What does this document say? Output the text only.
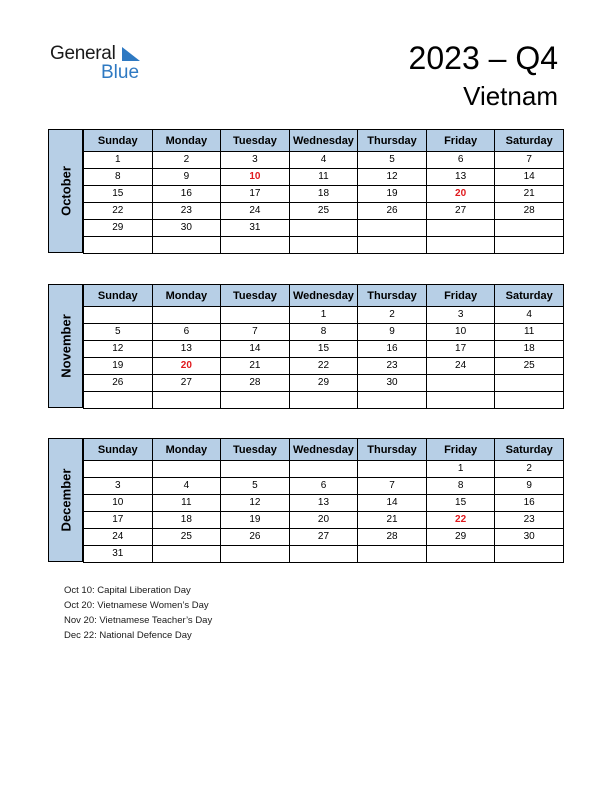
General
Blue	2023 – Q4
Vietnam
October
Sunday	Monday	Tuesday	Wednesday	Thursday	Friday	Saturday
1	2	3	4	5	6	7
8	9	10	11	12	13	14
15	16	17	18	19	20	21
22	23	24	25	26	27	28
29	30	31				

November
Sunday	Monday	Tuesday	Wednesday	Thursday	Friday	Saturday
			1	2	3	4
5	6	7	8	9	10	11
12	13	14	15	16	17	18
19	20	21	22	23	24	25
26	27	28	29	30		

December
Sunday	Monday	Tuesday	Wednesday	Thursday	Friday	Saturday
					1	2
3	4	5	6	7	8	9
10	11	12	13	14	15	16
17	18	19	20	21	22	23
24	25	26	27	28	29	30
31						
Oct 10: Capital Liberation Day
Oct 20: Vietnamese Women’s Day
Nov 20: Vietnamese Teacher’s Day
Dec 22: National Defence Day
